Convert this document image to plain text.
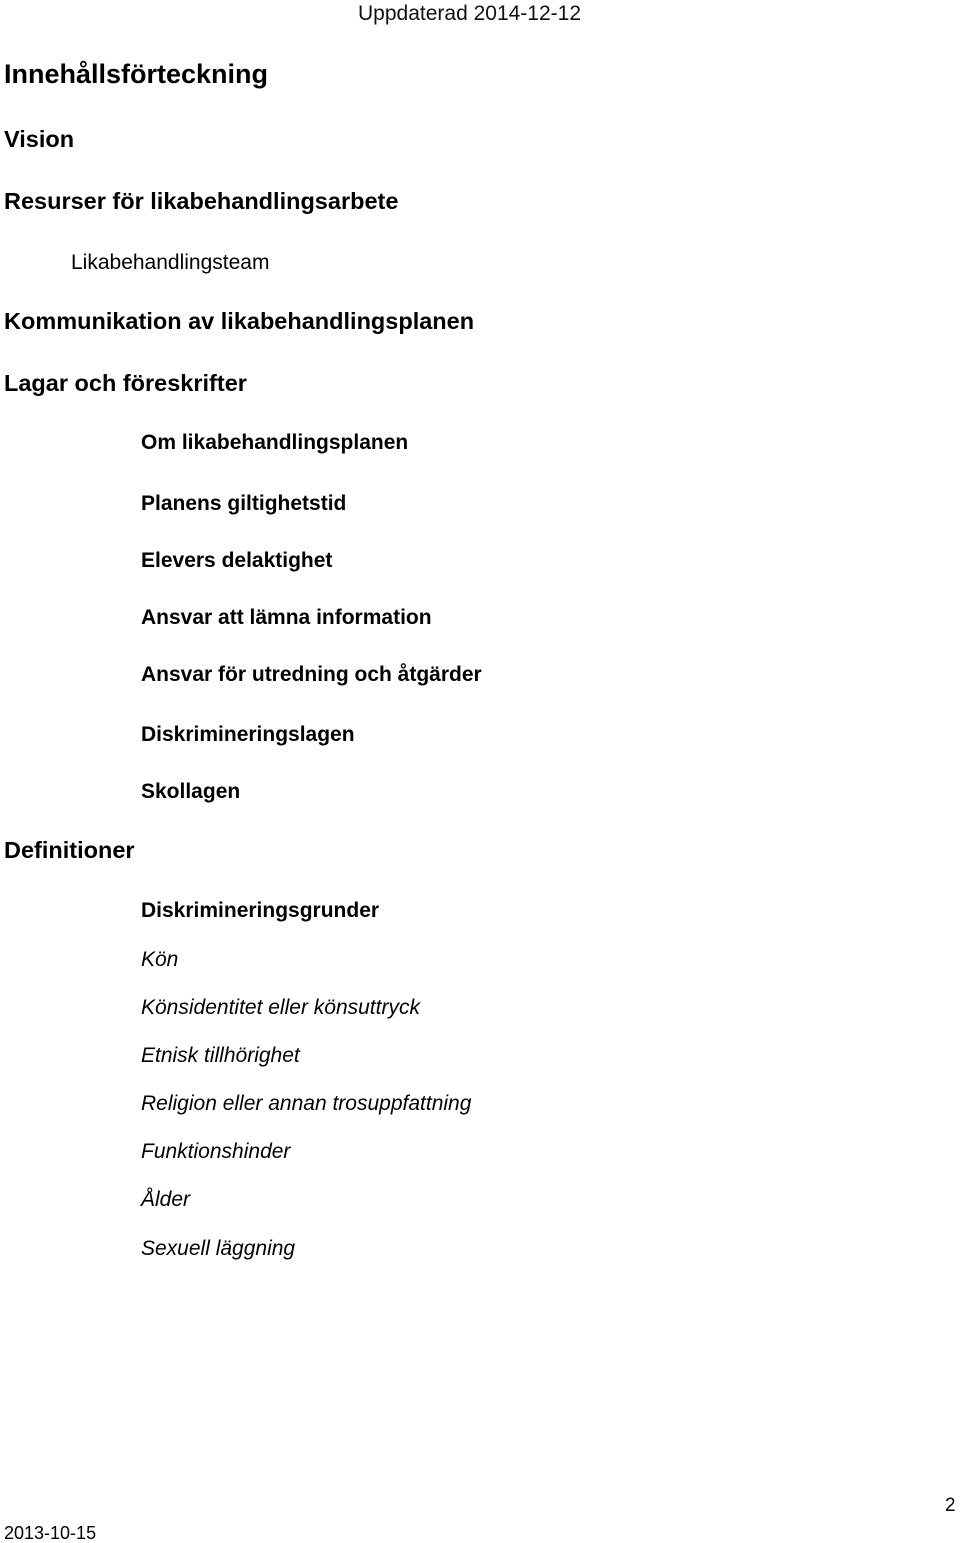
Uppdaterad 2014-12-12
Innehållsförteckning
Vision
Resurser för likabehandlingsarbete
Likabehandlingsteam
Kommunikation av likabehandlingsplanen
Lagar och föreskrifter
Om likabehandlingsplanen
Planens giltighetstid
Elevers delaktighet
Ansvar att lämna information
Ansvar för utredning och åtgärder
Diskrimineringslagen
Skollagen
Definitioner
Diskrimineringsgrunder
Kön
Könsidentitet eller könsuttryck
Etnisk tillhörighet
Religion eller annan trosuppfattning
Funktionshinder
Ålder
Sexuell läggning
2
2013-10-15
